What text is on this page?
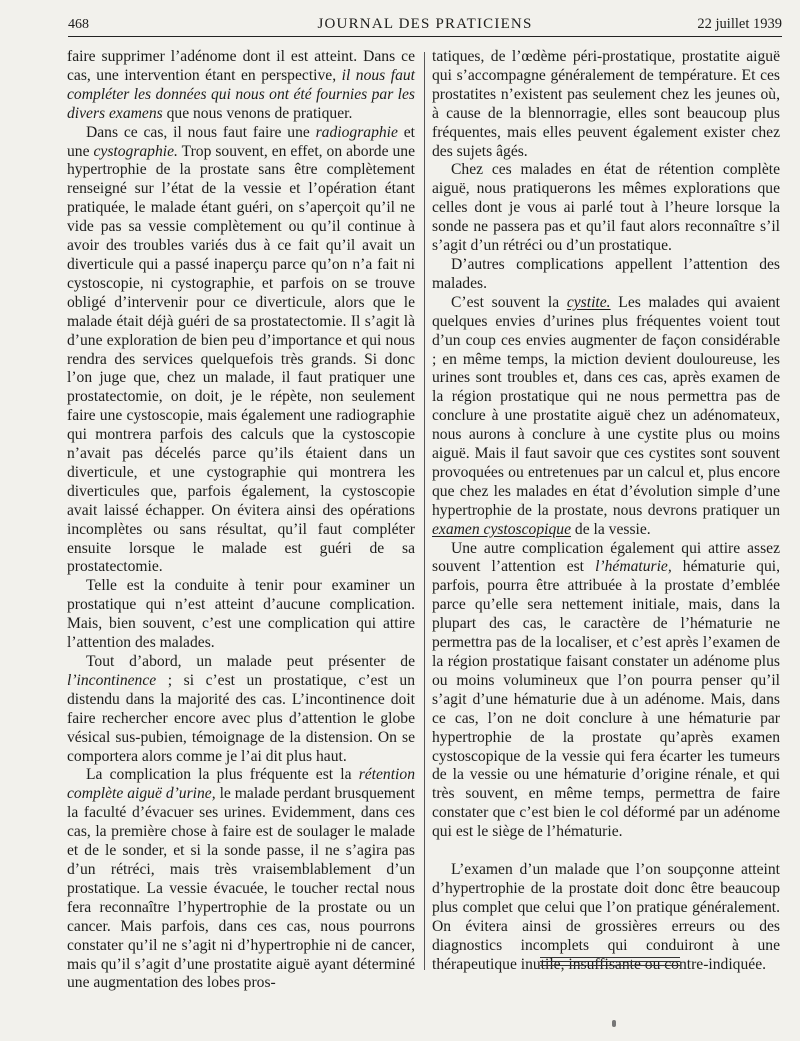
468	JOURNAL DES PRATICIENS	22 juillet 1939

faire supprimer l’adénome dont il est atteint. Dans ce cas, une intervention étant en perspective, il nous faut compléter les données qui nous ont été fournies par les divers examens que nous venons de pratiquer.

Dans ce cas, il nous faut faire une radiographie et une cystographie. Trop souvent, en effet, on aborde une hypertrophie de la prostate sans être complètement renseigné sur l’état de la vessie et l’opération étant pratiquée, le malade étant guéri, on s’aperçoit qu’il ne vide pas sa vessie complètement ou qu’il continue à avoir des troubles variés dus à ce fait qu’il avait un diverticule qui a passé inaperçu parce qu’on n’a fait ni cystoscopie, ni cystographie, et parfois on se trouve obligé d’intervenir pour ce diverticule, alors que le malade était déjà guéri de sa prostatectomie. Il s’agit là d’une exploration de bien peu d’importance et qui nous rendra des services quelquefois très grands. Si donc l’on juge que, chez un malade, il faut pratiquer une prostatectomie, on doit, je le répète, non seulement faire une cystoscopie, mais également une radiographie qui montrera parfois des calculs que la cystoscopie n’avait pas décelés parce qu’ils étaient dans un diverticule, et une cystographie qui montrera les diverticules que, parfois également, la cystoscopie avait laissé échapper. On évitera ainsi des opérations incomplètes ou sans résultat, qu’il faut compléter ensuite lorsque le malade est guéri de sa prostatectomie.

Telle est la conduite à tenir pour examiner un prostatique qui n’est atteint d’aucune complication. Mais, bien souvent, c’est une complication qui attire l’attention des malades.

Tout d’abord, un malade peut présenter de l’incontinence ; si c’est un prostatique, c’est un distendu dans la majorité des cas. L’incontinence doit faire rechercher encore avec plus d’attention le globe vésical sus-pubien, témoignage de la distension. On se comportera alors comme je l’ai dit plus haut.

La complication la plus fréquente est la rétention complète aiguë d’urine, le malade perdant brusquement la faculté d’évacuer ses urines. Evidemment, dans ces cas, la première chose à faire est de soulager le malade et de le sonder, et si la sonde passe, il ne s’agira pas d’un rétréci, mais très vraisemblablement d’un prostatique. La vessie évacuée, le toucher rectal nous fera reconnaître l’hypertrophie de la prostate ou un cancer. Mais parfois, dans ces cas, nous pourrons constater qu’il ne s’agit ni d’hypertrophie ni de cancer, mais qu’il s’agit d’une prostatite aiguë ayant déterminé une augmentation des lobes pros-

tatiques, de l’œdème péri-prostatique, prostatite aiguë qui s’accompagne généralement de température. Et ces prostatites n’existent pas seulement chez les jeunes où, à cause de la blennorragie, elles sont beaucoup plus fréquentes, mais elles peuvent également exister chez des sujets âgés.

Chez ces malades en état de rétention complète aiguë, nous pratiquerons les mêmes explorations que celles dont je vous ai parlé tout à l’heure lorsque la sonde ne passera pas et qu’il faut alors reconnaître s’il s’agit d’un rétréci ou d’un prostatique.

D’autres complications appellent l’attention des malades.

C’est souvent la cystite. Les malades qui avaient quelques envies d’urines plus fréquentes voient tout d’un coup ces envies augmenter de façon considérable ; en même temps, la miction devient douloureuse, les urines sont troubles et, dans ces cas, après examen de la région prostatique qui ne nous permettra pas de conclure à une prostatite aiguë chez un adénomateux, nous aurons à conclure à une cystite plus ou moins aiguë. Mais il faut savoir que ces cystites sont souvent provoquées ou entretenues par un calcul et, plus encore que chez les malades en état d’évolution simple d’une hypertrophie de la prostate, nous devrons pratiquer un examen cystoscopique de la vessie.

Une autre complication également qui attire assez souvent l’attention est l’hématurie, hématurie qui, parfois, pourra être attribuée à la prostate d’emblée parce qu’elle sera nettement initiale, mais, dans la plupart des cas, le caractère de l’hématurie ne permettra pas de la localiser, et c’est après l’examen de la région prostatique faisant constater un adénome plus ou moins volumineux que l’on pourra penser qu’il s’agit d’une hématurie due à un adénome. Mais, dans ce cas, l’on ne doit conclure à une hématurie par hypertrophie de la prostate qu’après examen cystoscopique de la vessie qui fera écarter les tumeurs de la vessie ou une hématurie d’origine rénale, et qui très souvent, en même temps, permettra de faire constater que c’est bien le col déformé par un adénome qui est le siège de l’hématurie.

L’examen d’un malade que l’on soupçonne atteint d’hypertrophie de la prostate doit donc être beaucoup plus complet que celui que l’on pratique généralement. On évitera ainsi de grossières erreurs ou des diagnostics incomplets qui conduiront à une thérapeutique inutile, insuffisante ou contre-indiquée.
